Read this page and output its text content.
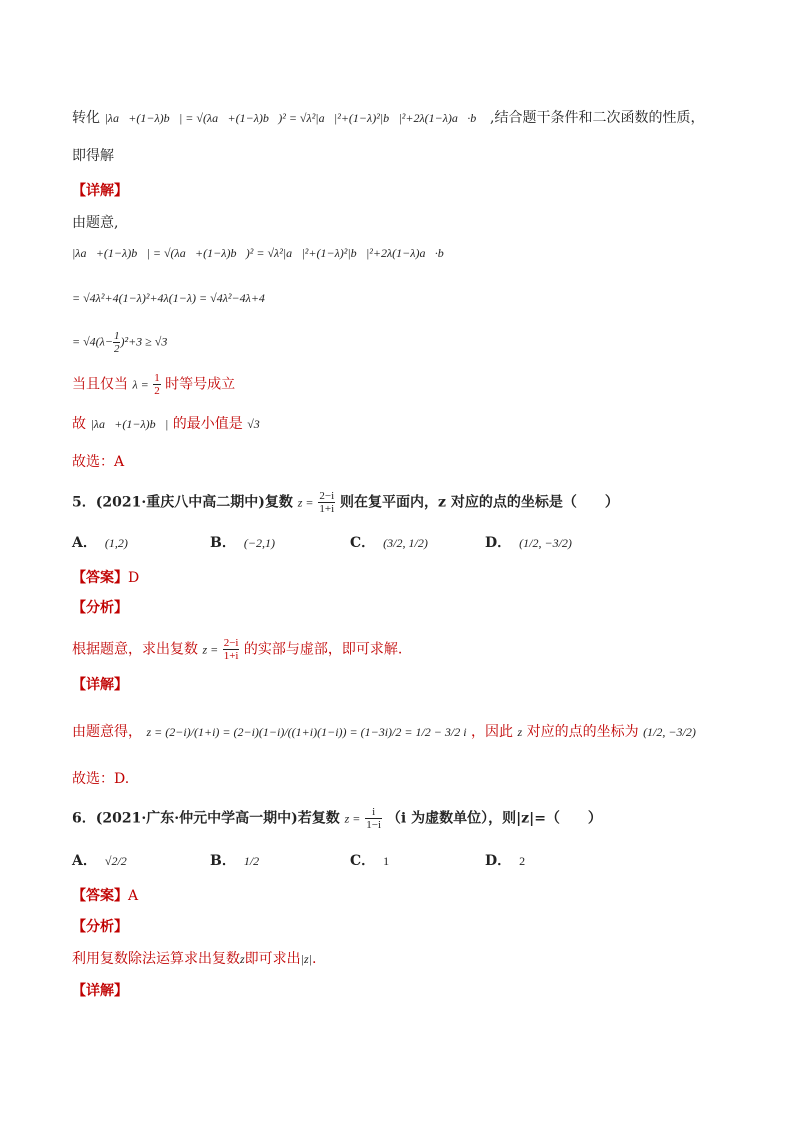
转化 |λa⃗+(1−λ)b⃗| = √(λa⃗+(1−λ)b⃗)² = √λ²|a⃗|²+(1−λ)²|b⃗|²+2λ(1−λ)a⃗·b⃗ ,结合题干条件和二次函数的性质，
即得解
【详解】
由题意,
|λa⃗+(1−λ)b⃗| = √(λa⃗+(1−λ)b⃗)² = √λ²|a⃗|²+(1−λ)²|b⃗|²+2λ(1−λ)a⃗·b⃗
= √4λ²+4(1−λ)²+4λ(1−λ) = √4λ²−4λ+4
= $√4(\lambda- \frac{1}{2} )^2+3 \ge √3$
当且仅当 $\lambda = \frac{1}{2}$ 时等号成立
故 |λa⃗+(1−λ)b⃗| 的最小值是 √3
故选：A
5．(2021·重庆八中高二期中)复数 $z = \frac{2-i}{1+i}$ 则在复平面内，z 对应的点的坐标是（　　）
A． (1,2)	B． (−2,1)	C． (3/2, 1/2)	D． (1/2, −3/2)
【答案】D
【分析】
根据题意，求出复数 $z = \frac{2-i}{1+i}$ 的实部与虚部，即可求解.
【详解】
由题意得， z = (2−i)/(1+i) = (2−i)(1−i)/((1+i)(1−i)) = (1−3i)/2 = 1/2 − 3/2 i ，因此 z 对应的点的坐标为 (1/2, −3/2)
故选：D.
6．(2021·广东·仲元中学高一期中)若复数 $z = \frac{i}{1-i} (i$ 为虚数单位），则|z|=（　　）
A． √2/2	B． 1/2	C． 1	D． 2
【答案】A
【分析】
利用复数除法运算求出复数z即可求出|z|.
【详解】
